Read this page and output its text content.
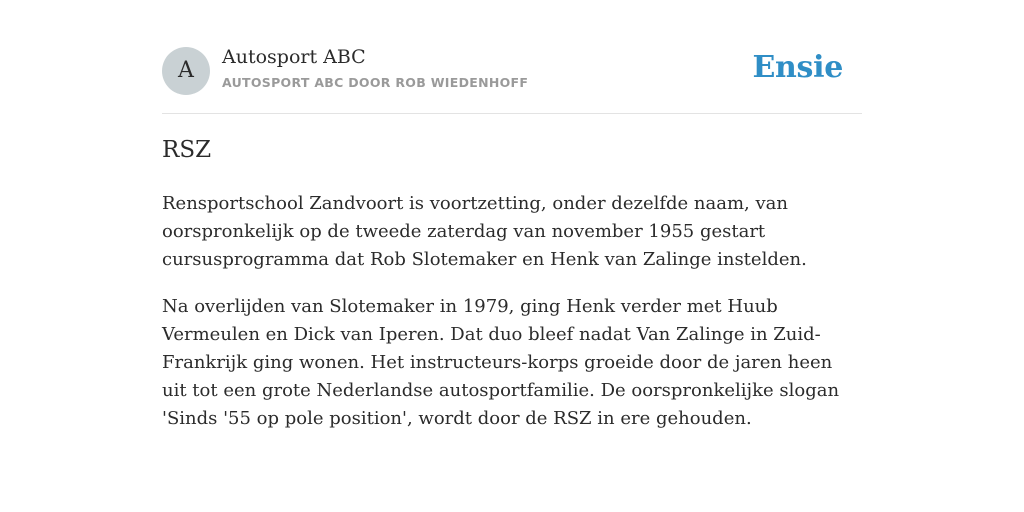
A
Autosport ABC
AUTOSPORT ABC DOOR ROB WIEDENHOFF	Ensie
RSZ

Rensportschool Zandvoort is voortzetting, onder dezelfde naam, van oorspronkelijk op de tweede zaterdag van november 1955 gestart cursusprogramma dat Rob Slotemaker en Henk van Zalinge instelden.

Na overlijden van Slotemaker in 1979, ging Henk verder met Huub Vermeulen en Dick van Iperen. Dat duo bleef nadat Van Zalinge in Zuid-Frankrijk ging wonen. Het instructeurs-korps groeide door de jaren heen uit tot een grote Nederlandse autosportfamilie. De oorspronkelijke slogan 'Sinds '55 op pole position', wordt door de RSZ in ere gehouden.
